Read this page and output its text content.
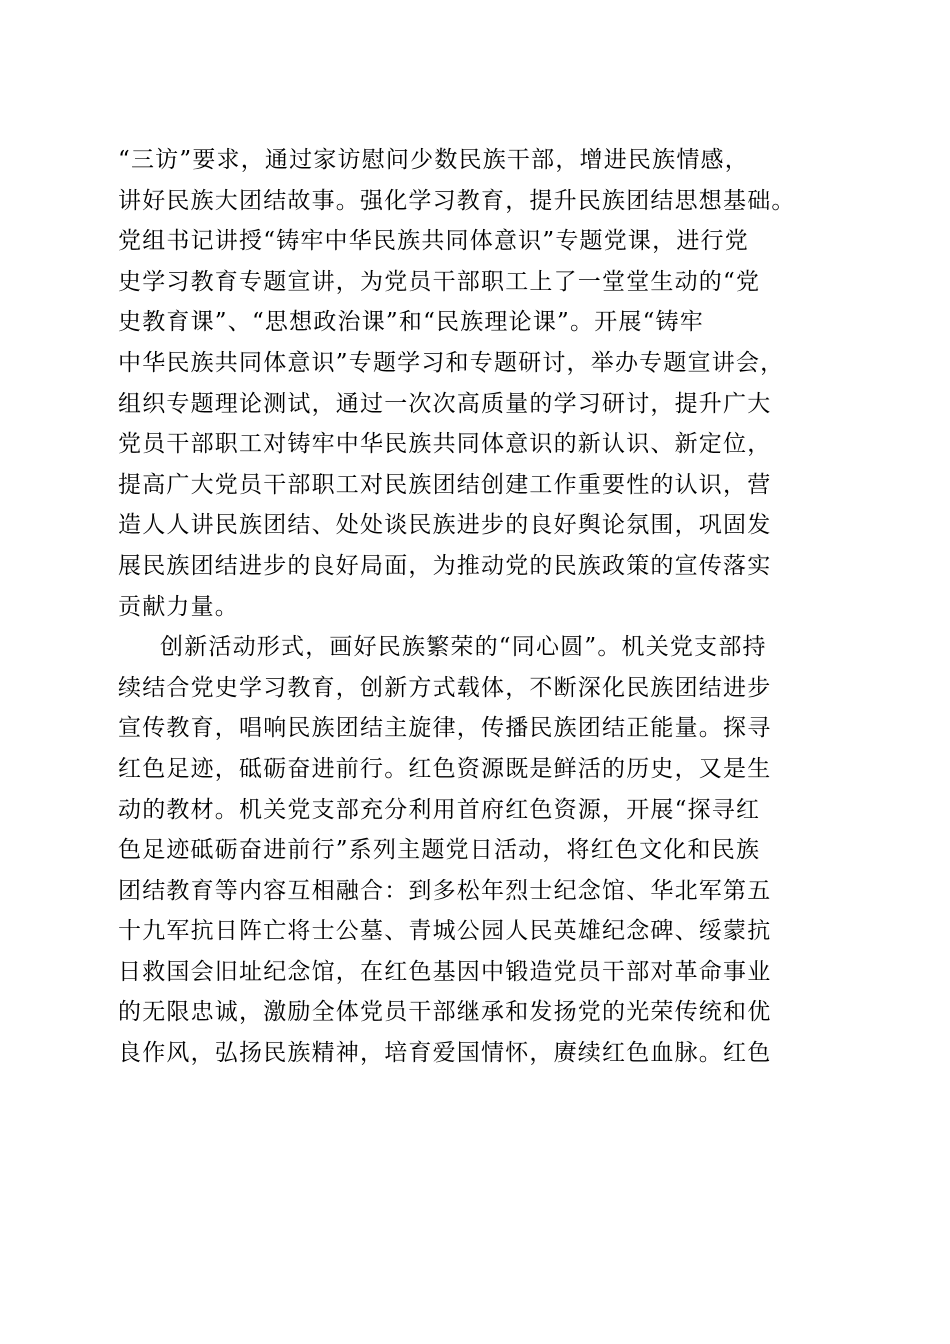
“三访”要求，通过家访慰问少数民族干部，增进民族情感，
讲好民族大团结故事。强化学习教育，提升民族团结思想基础。
党组书记讲授“铸牢中华民族共同体意识”专题党课，进行党
史学习教育专题宣讲，为党员干部职工上了一堂堂生动的“党
史教育课”、“思想政治课”和“民族理论课”。开展“铸牢
中华民族共同体意识”专题学习和专题研讨，举办专题宣讲会，
组织专题理论测试，通过一次次高质量的学习研讨，提升广大
党员干部职工对铸牢中华民族共同体意识的新认识、新定位，
提高广大党员干部职工对民族团结创建工作重要性的认识，营
造人人讲民族团结、处处谈民族进步的良好舆论氛围，巩固发
展民族团结进步的良好局面，为推动党的民族政策的宣传落实
贡献力量。
创新活动形式，画好民族繁荣的“同心圆”。机关党支部持
续结合党史学习教育，创新方式载体，不断深化民族团结进步
宣传教育，唱响民族团结主旋律，传播民族团结正能量。探寻
红色足迹，砥砺奋进前行。红色资源既是鲜活的历史，又是生
动的教材。机关党支部充分利用首府红色资源，开展“探寻红
色足迹砥砺奋进前行”系列主题党日活动，将红色文化和民族
团结教育等内容互相融合：到多松年烈士纪念馆、华北军第五
十九军抗日阵亡将士公墓、青城公园人民英雄纪念碑、绥蒙抗
日救国会旧址纪念馆，在红色基因中锻造党员干部对革命事业
的无限忠诚，激励全体党员干部继承和发扬党的光荣传统和优
良作风，弘扬民族精神，培育爱国情怀，赓续红色血脉。红色
